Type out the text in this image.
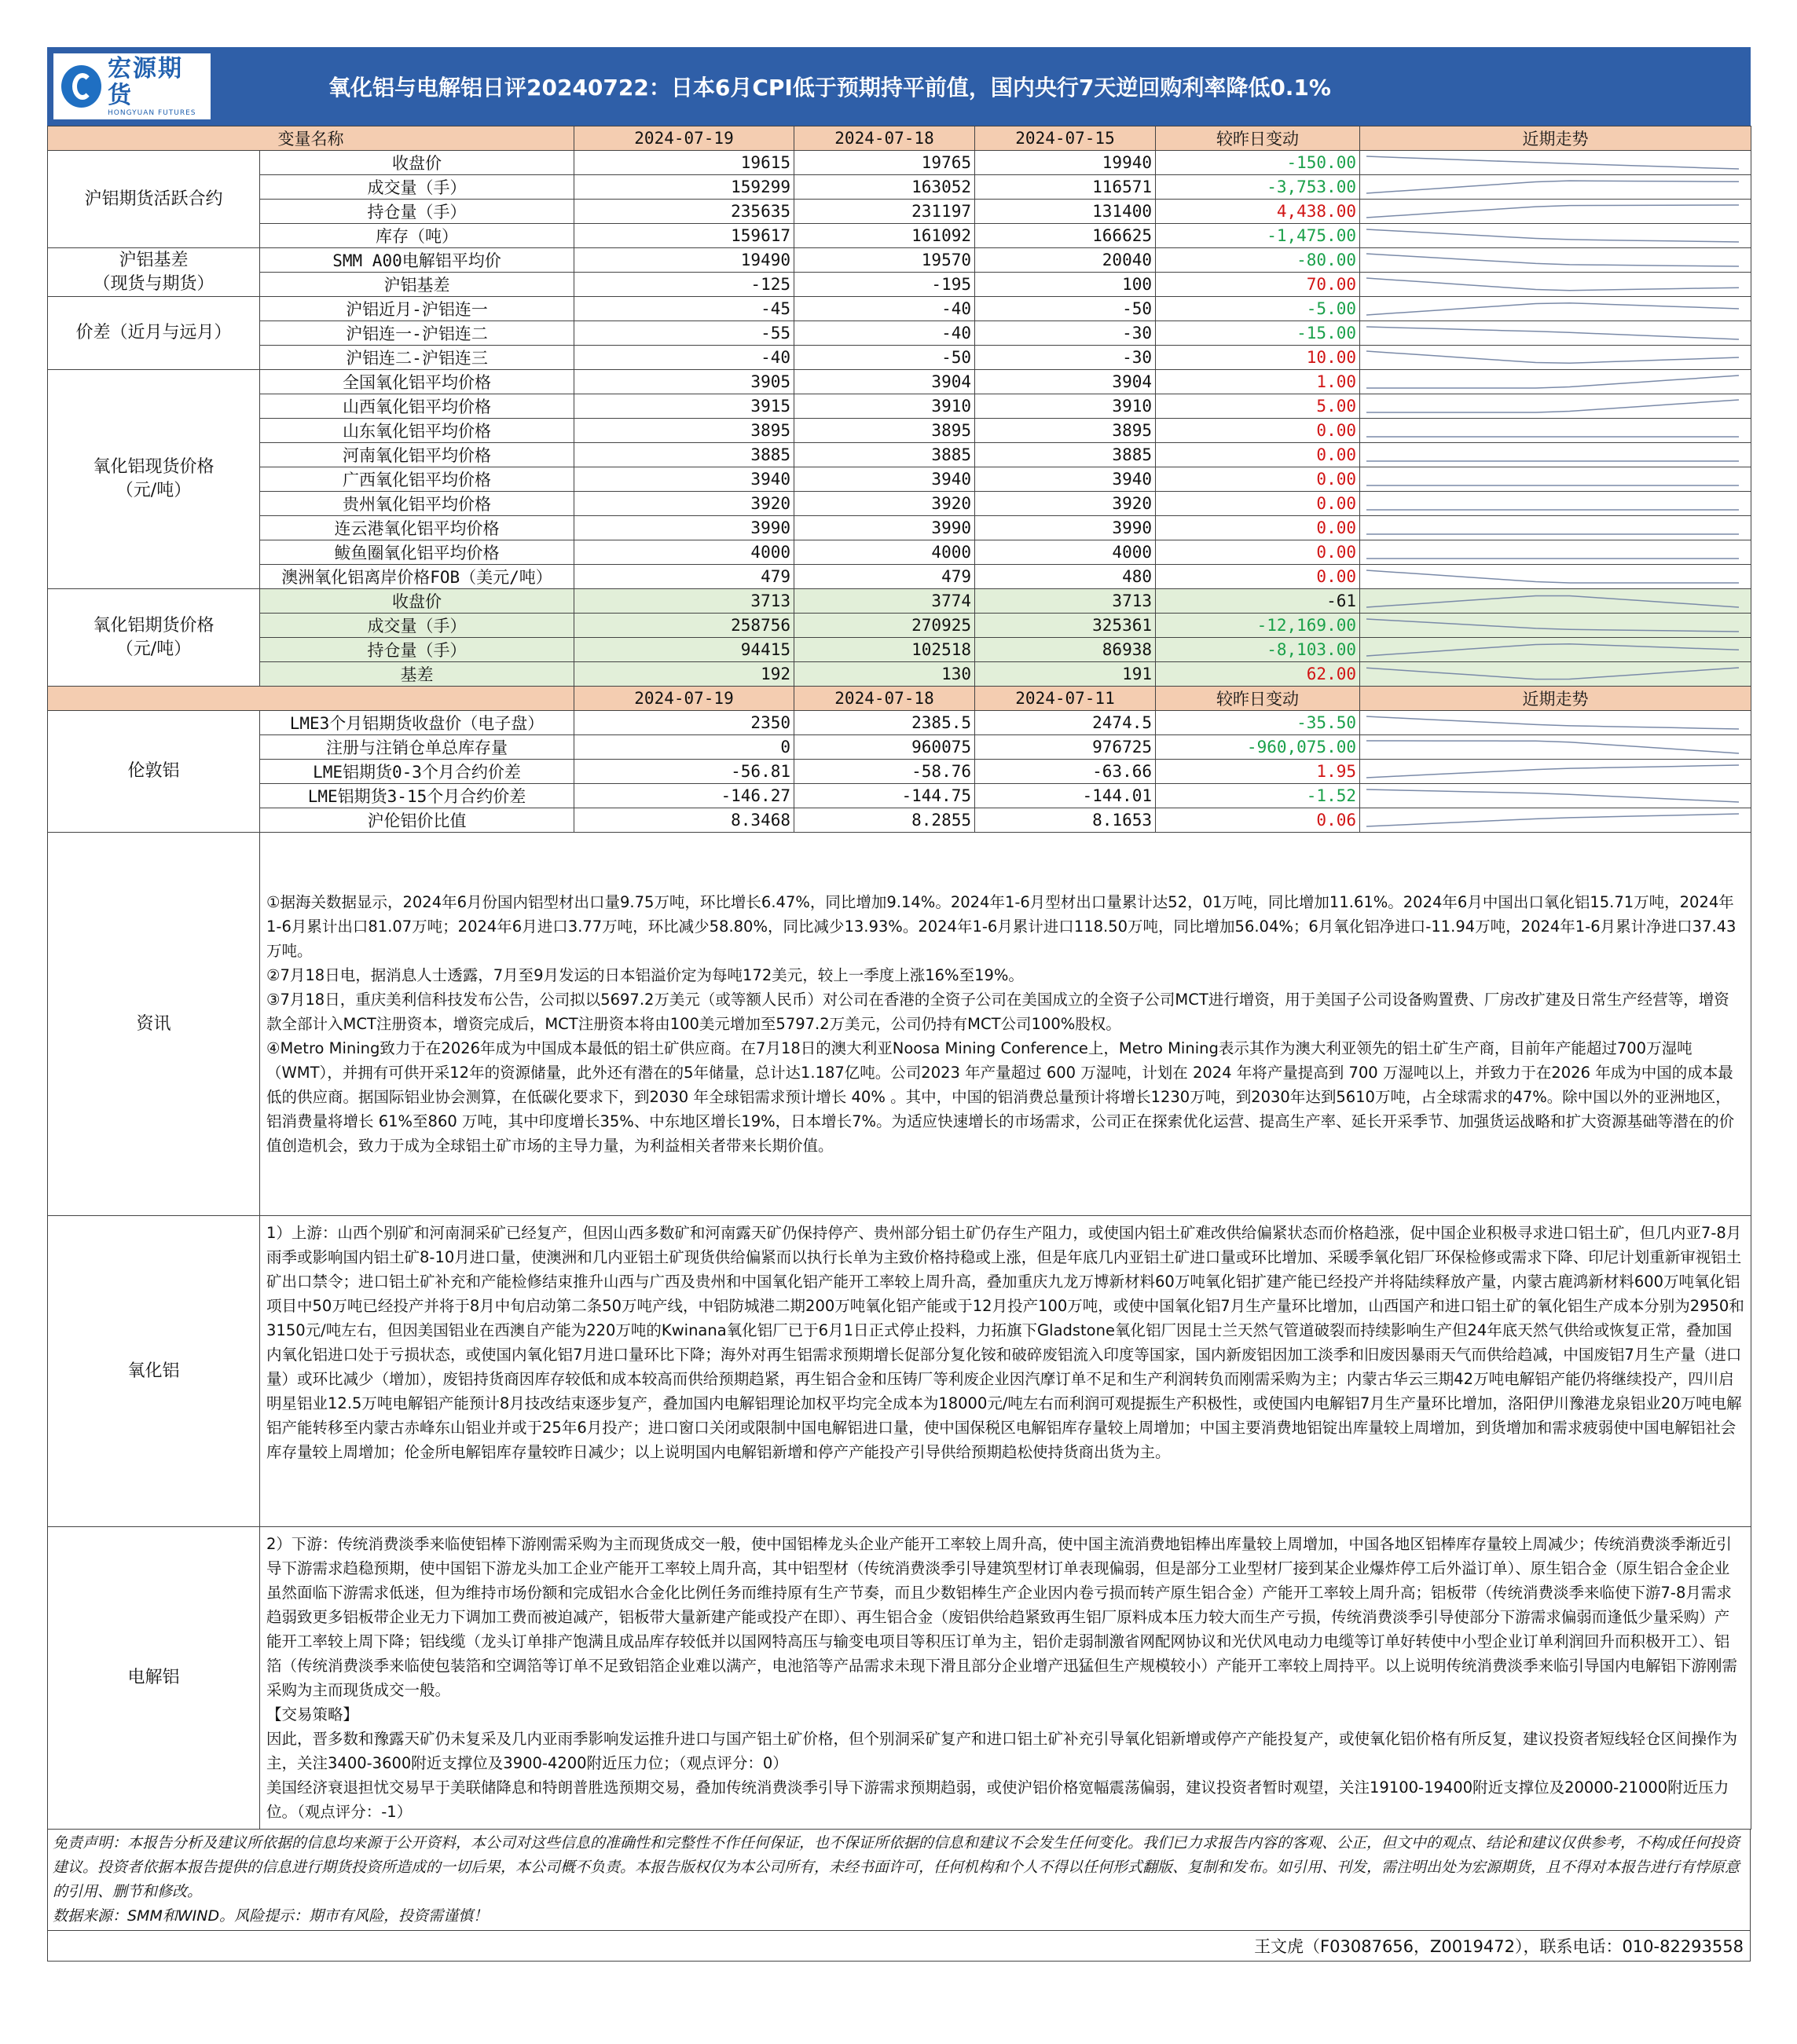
宏源期货
HONGYUAN FUTURES
氧化铝与电解铝日评20240722：日本6月CPI低于预期持平前值，国内央行7天逆回购利率降低0.1%
变量名称		2024-07-19	2024-07-18	2024-07-15	较昨日变动	近期走势
沪铝期货活跃合约	收盘价	19615	19765	19940	-150.00	

	成交量（手）	159299	163052	116571	-3,753.00	

	持仓量（手）	235635	231197	131400	4,438.00	

	库存（吨）	159617	161092	166625	-1,475.00	

沪铝基差
（现货与期货）	SMM A00电解铝平均价	19490	19570	20040	-80.00	

	沪铝基差	-125	-195	100	70.00	

价差（近月与远月）	沪铝近月-沪铝连一	-45	-40	-50	-5.00	

	沪铝连一-沪铝连二	-55	-40	-30	-15.00	

	沪铝连二-沪铝连三	-40	-50	-30	10.00	

氧化铝现货价格
（元/吨）	全国氧化铝平均价格	3905	3904	3904	1.00	

	山西氧化铝平均价格	3915	3910	3910	5.00	

	山东氧化铝平均价格	3895	3895	3895	0.00	

	河南氧化铝平均价格	3885	3885	3885	0.00	

	广西氧化铝平均价格	3940	3940	3940	0.00	

	贵州氧化铝平均价格	3920	3920	3920	0.00	

	连云港氧化铝平均价格	3990	3990	3990	0.00	

	鲅鱼圈氧化铝平均价格	4000	4000	4000	0.00	

	澳洲氧化铝离岸价格FOB（美元/吨）	479	479	480	0.00	

氧化铝期货价格
（元/吨）	收盘价	3713	3774	3713	-61	

	成交量（手）	258756	270925	325361	-12,169.00	

	持仓量（手）	94415	102518	86938	-8,103.00	

	基差	192	130	191	62.00	

		2024-07-19	2024-07-18	2024-07-11	较昨日变动	近期走势
伦敦铝	LME3个月铝期货收盘价（电子盘）	2350	2385.5	2474.5	-35.50	

	注册与注销仓单总库存量	0	960075	976725	-960,075.00	

	LME铝期货0-3个月合约价差	-56.81	-58.76	-63.66	1.95	

	LME铝期货3-15个月合约价差	-146.27	-144.75	-144.01	-1.52	

	沪伦铝价比值	8.3468	8.2855	8.1653	0.06	

资讯	①据海关数据显示，2024年6月份国内铝型材出口量9.75万吨，环比增长6.47%，同比增加9.14%。2024年1-6月型材出口量累计达52，01万吨，同比增加11.61%。2024年6月中国出口氧化铝15.71万吨，2024年1-6月累计出口81.07万吨；2024年6月进口3.77万吨，环比减少58.80%，同比减少13.93%。2024年1-6月累计进口118.50万吨，同比增加56.04%；6月氧化铝净进口-11.94万吨，2024年1-6月累计净进口37.43万吨。

②7月18日电，据消息人士透露，7月至9月发运的日本铝溢价定为每吨172美元，较上一季度上涨16%至19%。

③7月18日，重庆美利信科技发布公告，公司拟以5697.2万美元（或等额人民币）对公司在香港的全资子公司在美国成立的全资子公司MCT进行增资，用于美国子公司设备购置费、厂房改扩建及日常生产经营等，增资款全部计入MCT注册资本，增资完成后，MCT注册资本将由100美元增加至5797.2万美元，公司仍持有MCT公司100%股权。

④Metro Mining致力于在2026年成为中国成本最低的铝土矿供应商。在7月18日的澳大利亚Noosa Mining Conference上，Metro Mining表示其作为澳大利亚领先的铝土矿生产商，目前年产能超过700万湿吨（WMT），并拥有可供开采12年的资源储量，此外还有潜在的5年储量，总计达1.187亿吨。公司2023 年产量超过 600 万湿吨，计划在 2024 年将产量提高到 700 万湿吨以上，并致力于在2026 年成为中国的成本最低的供应商。据国际铝业协会测算，在低碳化要求下，到2030 年全球铝需求预计增长 40% 。其中，中国的铝消费总量预计将增长1230万吨，到2030年达到5610万吨，占全球需求的47%。除中国以外的亚洲地区，铝消费量将增长 61%至860 万吨，其中印度增长35%、中东地区增长19%，日本增长7%。为适应快速增长的市场需求，公司正在探索优化运营、提高生产率、延长开采季节、加强货运战略和扩大资源基础等潜在的价值创造机会，致力于成为全球铝土矿市场的主导力量，为利益相关者带来长期价值。					

氧化铝	1）上游：山西个别矿和河南洞采矿已经复产，但因山西多数矿和河南露天矿仍保持停产、贵州部分铝土矿仍存生产阻力，或使国内铝土矿难改供给偏紧状态而价格趋涨，促中国企业积极寻求进口铝土矿，但几内亚7-8月雨季或影响国内铝土矿8-10月进口量，使澳洲和几内亚铝土矿现货供给偏紧而以执行长单为主致价格持稳或上涨，但是年底几内亚铝土矿进口量或环比增加、采暖季氧化铝厂环保检修或需求下降、印尼计划重新审视铝土矿出口禁令；进口铝土矿补充和产能检修结束推升山西与广西及贵州和中国氧化铝产能开工率较上周升高，叠加重庆九龙万博新材料60万吨氧化铝扩建产能已经投产并将陆续释放产量，内蒙古鹿鸿新材料600万吨氧化铝项目中50万吨已经投产并将于8月中旬启动第二条50万吨产线，中铝防城港二期200万吨氧化铝产能或于12月投产100万吨，或使中国氧化铝7月生产量环比增加，山西国产和进口铝土矿的氧化铝生产成本分别为2950和3150元/吨左右，但因美国铝业在西澳自产能为220万吨的Kwinana氧化铝厂已于6月1日正式停止投料，力拓旗下Gladstone氧化铝厂因昆士兰天然气管道破裂而持续影响生产但24年底天然气供给或恢复正常，叠加国内氧化铝进口处于亏损状态，或使国内氧化铝7月进口量环比下降；海外对再生铝需求预期增长促部分复化铵和破碎废铝流入印度等国家，国内新废铝因加工淡季和旧废因暴雨天气而供给趋减，中国废铝7月生产量（进口量）或环比减少（增加），废铝持货商因库存较低和成本较高而供给预期趋紧，再生铝合金和压铸厂等利废企业因汽摩订单不足和生产利润转负而刚需采购为主；内蒙古华云三期42万吨电解铝产能仍将继续投产，四川启明星铝业12.5万吨电解铝产能预计8月技改结束逐步复产，叠加国内电解铝理论加权平均完全成本为18000元/吨左右而利润可观提振生产积极性，或使国内电解铝7月生产量环比增加，洛阳伊川豫港龙泉铝业20万吨电解铝产能转移至内蒙古赤峰东山铝业并或于25年6月投产；进口窗口关闭或限制中国电解铝进口量，使中国保税区电解铝库存量较上周增加；中国主要消费地铝锭出库量较上周增加，到货增加和需求疲弱使中国电解铝社会库存量较上周增加；伦金所电解铝库存量较昨日减少；以上说明国内电解铝新增和停产产能投产引导供给预期趋松使持货商出货为主。					

电解铝	2）下游：传统消费淡季来临使铝棒下游刚需采购为主而现货成交一般，使中国铝棒龙头企业产能开工率较上周升高，使中国主流消费地铝棒出库量较上周增加，中国各地区铝棒库存量较上周减少；传统消费淡季渐近引导下游需求趋稳预期，使中国铝下游龙头加工企业产能开工率较上周升高，其中铝型材（传统消费淡季引导建筑型材订单表现偏弱，但是部分工业型材厂接到某企业爆炸停工后外溢订单）、原生铝合金（原生铝合金企业虽然面临下游需求低迷，但为维持市场份额和完成铝水合金化比例任务而维持原有生产节奏，而且少数铝棒生产企业因内卷亏损而转产原生铝合金）产能开工率较上周升高；铝板带（传统消费淡季来临使下游7-8月需求趋弱致更多铝板带企业无力下调加工费而被迫减产，铝板带大量新建产能或投产在即）、再生铝合金（废铝供给趋紧致再生铝厂原料成本压力较大而生产亏损，传统消费淡季引导使部分下游需求偏弱而逢低少量采购）产能开工率较上周下降；铝线缆（龙头订单排产饱满且成品库存较低并以国网特高压与输变电项目等积压订单为主，铝价走弱制激省网配网协议和光伏风电动力电缆等订单好转使中小型企业订单利润回升而积极开工）、铝箔（传统消费淡季来临使包装箔和空调箔等订单不足致铝箔企业难以满产，电池箔等产品需求未现下滑且部分企业增产迅猛但生产规模较小）产能开工率较上周持平。以上说明传统消费淡季来临引导国内电解铝下游刚需采购为主而现货成交一般。

【交易策略】

因此，晋多数和豫露天矿仍未复采及几内亚雨季影响发运推升进口与国产铝土矿价格，但个别洞采矿复产和进口铝土矿补充引导氧化铝新增或停产产能投复产，或使氧化铝价格有所反复，建议投资者短线轻仓区间操作为主，关注3400-3600附近支撑位及3900-4200附近压力位；（观点评分：0）

美国经济衰退担忧交易早于美联储降息和特朗普胜选预期交易，叠加传统消费淡季引导下游需求预期趋弱，或使沪铝价格宽幅震荡偏弱，建议投资者暂时观望，关注19100-19400附近支撑位及20000-21000附近压力位。（观点评分：-1）					

免责声明：本报告分析及建议所依据的信息均来源于公开资料，本公司对这些信息的准确性和完整性不作任何保证，也不保证所依据的信息和建议不会发生任何变化。我们已力求报告内容的客观、公正，但文中的观点、结论和建议仅供参考，不构成任何投资建议。投资者依据本报告提供的信息进行期货投资所造成的一切后果，本公司概不负责。本报告版权仅为本公司所有，未经书面许可，任何机构和个人不得以任何形式翻版、复制和发布。如引用、刊发，需注明出处为宏源期货，且不得对本报告进行有悖原意的引用、删节和修改。

数据来源：SMM和WIND。风险提示：期市有风险，投资需谨慎！

王文虎（F03087656，Z0019472），联系电话：010-82293558
